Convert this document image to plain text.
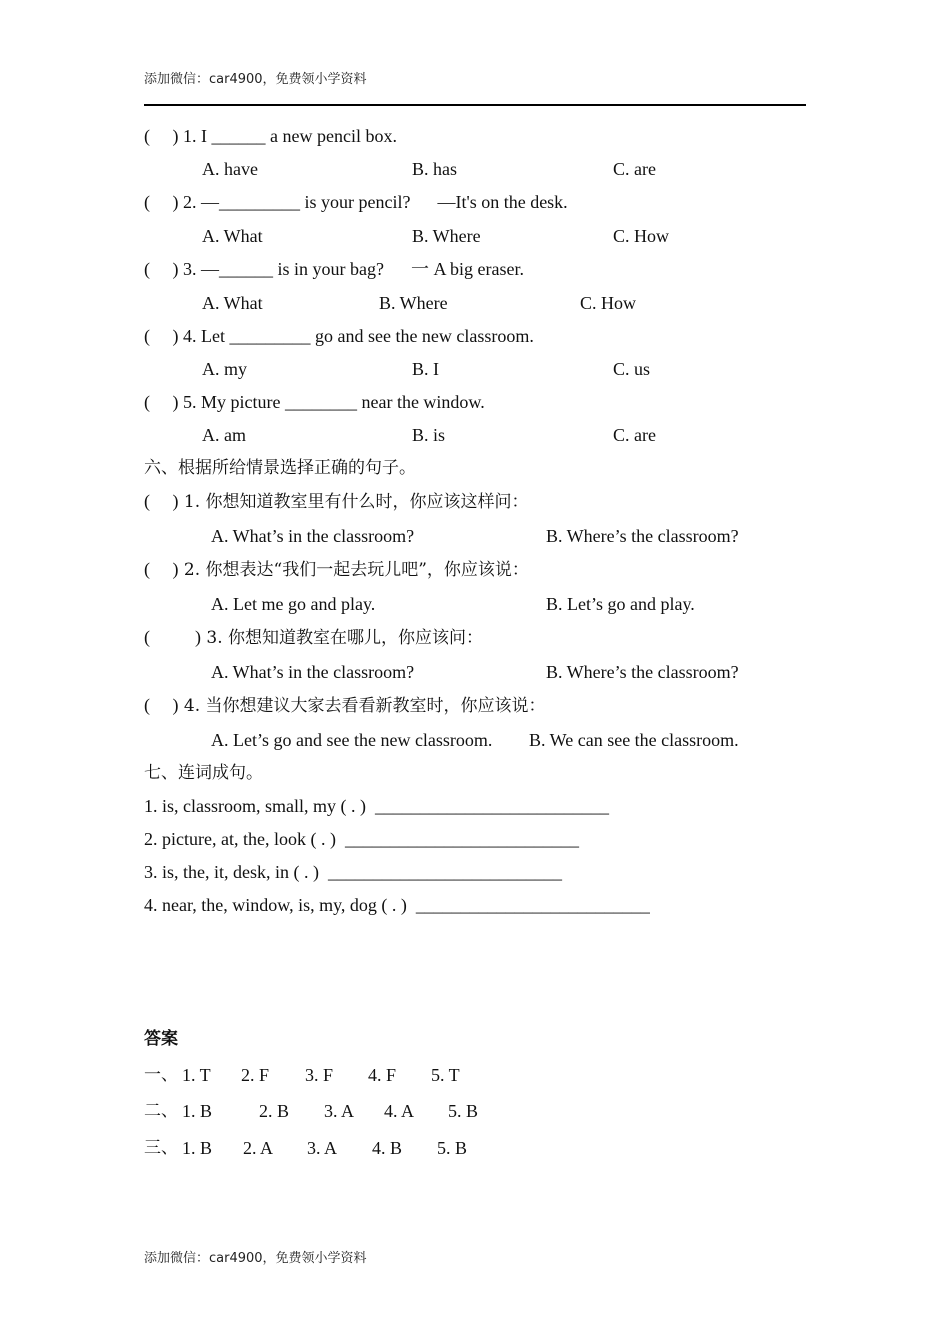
添加微信：car4900，免费领小学资料
(     ) 1. I ______ a new pencil box.
A. have	B. has	C. are
(     ) 2. —_________ is your pencil?      —It's on the desk.
A. What	B. Where	C. How
(     ) 3. —______ is in your bag?      一 A big eraser.
A. What	B. Where	C. How
(     ) 4. Let _________ go and see the new classroom.
A. my	B. I	C. us
(     ) 5. My picture ________ near the window.
A. am	B. is	C. are
六、根据所给情景选择正确的句子。
(     ) 1. 你想知道教室里有什么时，你应该这样问：
A. What’s in the classroom?	B. Where’s the classroom?
(     ) 2. 你想表达“我们一起去玩儿吧”，你应该说：
A. Let me go and play.	B. Let’s go and play.
(          ) 3. 你想知道教室在哪儿，你应该问：
A. What’s in the classroom?	B. Where’s the classroom?
(     ) 4. 当你想建议大家去看看新教室时，你应该说：
A. Let’s go and see the new classroom. B. We can see the classroom.
七、连词成句。
1. is, classroom, small, my ( . )  __________________________
2. picture, at, the, look ( . )  __________________________
3. is, the, it, desk, in ( . )  __________________________
4. near, the, window, is, my, dog ( . )  __________________________
答案

一、

1. T

2. F

3. F

4. F

5. T

二、

1. B

	2. B

3. A

4. A

5. B

三、

1. B

2. A

3. A

4. B

5. B

添加微信：car4900，免费领小学资料
